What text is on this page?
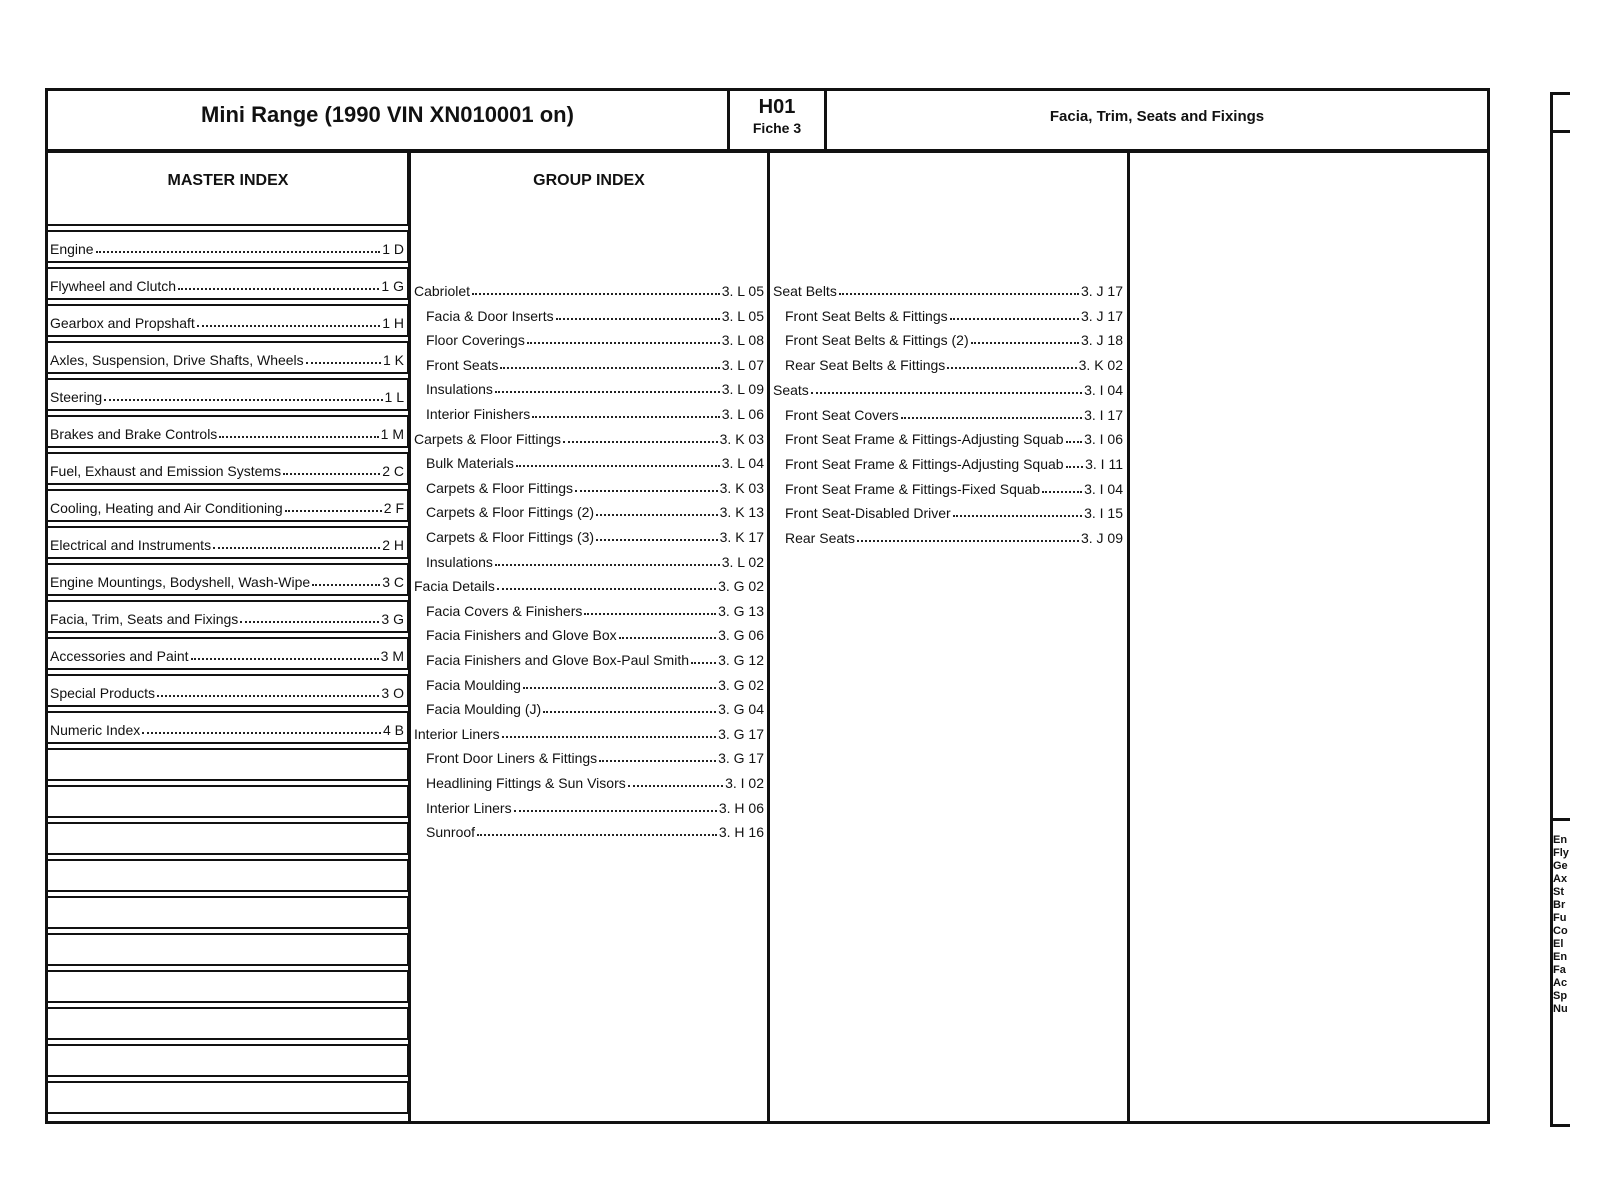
Mini Range (1990 VIN XN010001 on)	H01
Fiche 3
Facia, Trim, Seats and Fixings
MASTER INDEX
Engine	1 D
Flywheel and Clutch	1 G
Gearbox and Propshaft	1 H
Axles, Suspension, Drive Shafts, Wheels	1 K
Steering	1 L
Brakes and Brake Controls	1 M
Fuel, Exhaust and Emission Systems	2 C
Cooling, Heating and Air Conditioning	2 F
Electrical and Instruments	2 H
Engine Mountings, Bodyshell, Wash-Wipe	3 C
Facia, Trim, Seats and Fixings	3 G
Accessories and Paint	3 M
Special Products	3 O
Numeric Index	4 B
GROUP INDEX
Cabriolet	3. L 05
Facia & Door Inserts	3. L 05
Floor Coverings	3. L 08
Front Seats	3. L 07
Insulations	3. L 09
Interior Finishers	3. L 06
Carpets & Floor Fittings	3. K 03
Bulk Materials	3. L 04
Carpets & Floor Fittings	3. K 03
Carpets & Floor Fittings (2)	3. K 13
Carpets & Floor Fittings (3)	3. K 17
Insulations	3. L 02
Facia Details	3. G 02
Facia Covers & Finishers	3. G 13
Facia Finishers and Glove Box	3. G 06
Facia Finishers and Glove Box-Paul Smith 3. G 12
Facia Moulding	3. G 02
Facia Moulding (J)	3. G 04
Interior Liners	3. G 17
Front Door Liners & Fittings	3. G 17
Headlining Fittings & Sun Visors	3. I 02
Interior Liners	3. H 06
Sunroof	3. H 16
Seat Belts	3. J 17
Front Seat Belts & Fittings	3. J 17
Front Seat Belts & Fittings (2)	3. J 18
Rear Seat Belts & Fittings	3. K 02
Seats	3. I 04
Front Seat Covers	3. I 17
Front Seat Frame & Fittings-Adjusting Squab 3. I 06
Front Seat Frame & Fittings-Adjusting Squab 3. I 11
Front Seat Frame & Fittings-Fixed Squab	3. I 04
Front Seat-Disabled Driver	3. I 15
Rear Seats	3. J 09
En
Fly
Ge
Ax
St
Br
Fu
Co
El
En
Fa
Ac
Sp
Nu
